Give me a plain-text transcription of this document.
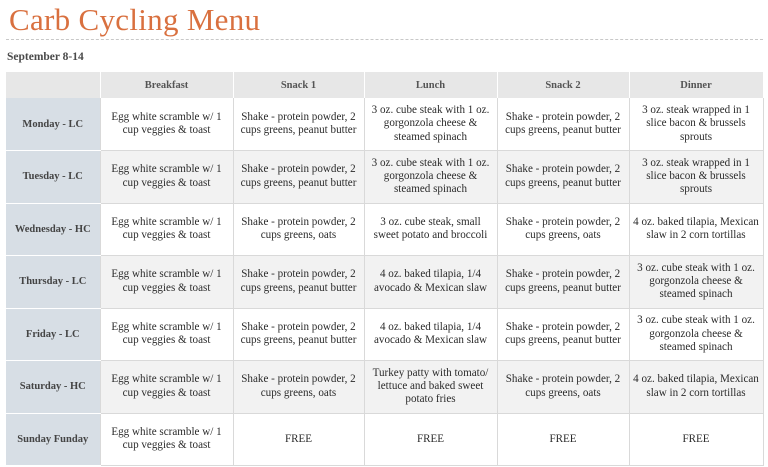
Carb Cycling Menu
September 8-14
	Breakfast	Snack 1	Lunch	Snack 2	Dinner
Monday - LC	Egg white scramble w/ 1 cup veggies & toast	Shake - protein powder, 2 cups greens, peanut butter	3 oz. cube steak with 1 oz. gorgonzola cheese & steamed spinach	Shake - protein powder, 2 cups greens, peanut butter	3 oz. steak wrapped in 1 slice bacon & brussels sprouts
Tuesday - LC	Egg white scramble w/ 1 cup veggies & toast	Shake - protein powder, 2 cups greens, peanut butter	3 oz. cube steak with 1 oz. gorgonzola cheese & steamed spinach	Shake - protein powder, 2 cups greens, peanut butter	3 oz. steak wrapped in 1 slice bacon & brussels sprouts
Wednesday - HC	Egg white scramble w/ 1 cup veggies & toast	Shake - protein powder, 2 cups greens, oats	3 oz. cube steak, small sweet potato and broccoli	Shake - protein powder, 2 cups greens, oats	4 oz. baked tilapia, Mexican slaw in 2 corn tortillas
Thursday - LC	Egg white scramble w/ 1 cup veggies & toast	Shake - protein powder, 2 cups greens, peanut butter	4 oz. baked tilapia, 1/4 avocado & Mexican slaw	Shake - protein powder, 2 cups greens, peanut butter	3 oz. cube steak with 1 oz. gorgonzola cheese & steamed spinach
Friday - LC	Egg white scramble w/ 1 cup veggies & toast	Shake - protein powder, 2 cups greens, peanut butter	4 oz. baked tilapia, 1/4 avocado & Mexican slaw	Shake - protein powder, 2 cups greens, peanut butter	3 oz. cube steak with 1 oz. gorgonzola cheese & steamed spinach
Saturday - HC	Egg white scramble w/ 1 cup veggies & toast	Shake - protein powder, 2 cups greens, oats	Turkey patty with tomato/ lettuce and baked sweet potato fries	Shake - protein powder, 2 cups greens, oats	4 oz. baked tilapia, Mexican slaw in 2 corn tortillas
Sunday Funday	Egg white scramble w/ 1 cup veggies & toast	FREE	FREE	FREE	FREE
